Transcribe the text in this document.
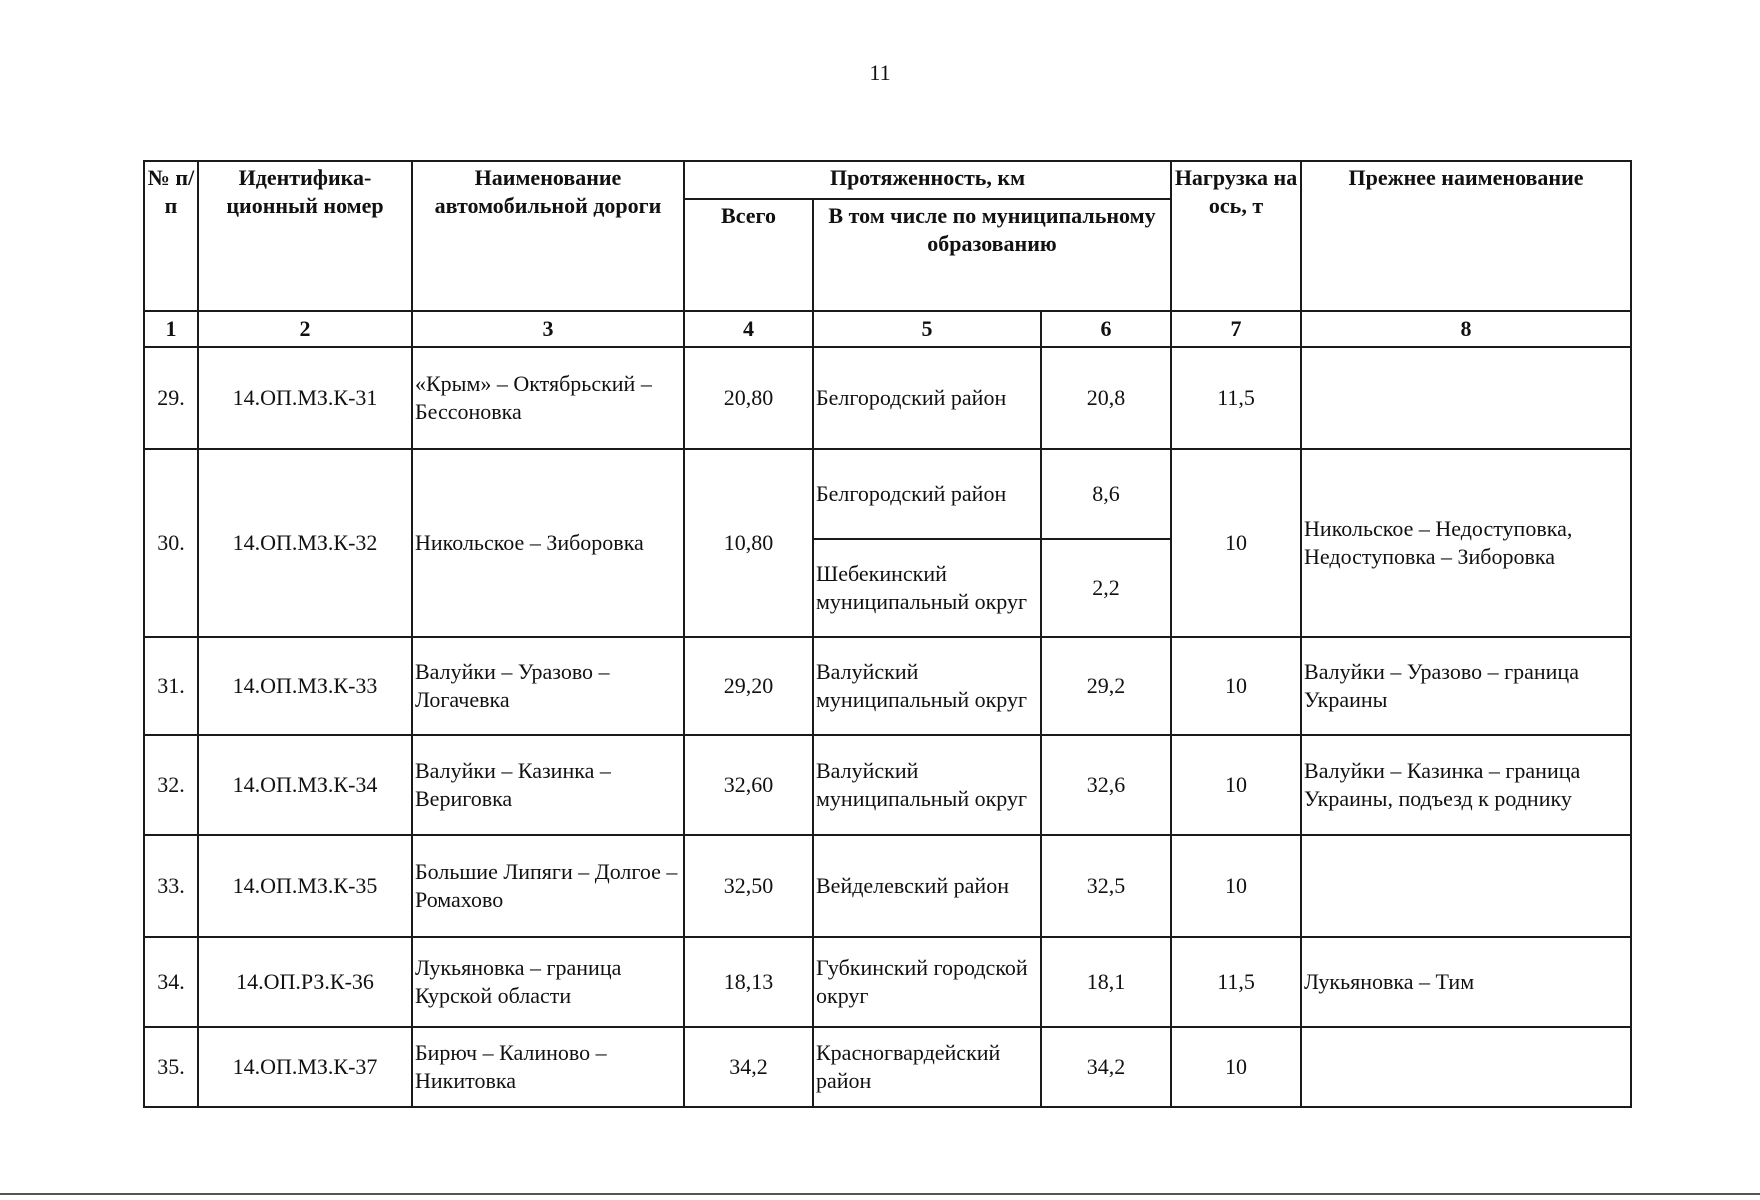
11
№ п/п	Идентифика-ционный номер	Наименование автомобильной дороги	Протяженность, км			Нагрузка на ось, т	Прежнее наименование
			Всего	В том числе по муниципальному образованию			
1	2	3	4	5	6	7	8
29.	14.ОП.МЗ.К-31	«Крым» – Октябрьский – Бессоновка	20,80	Белгородский район	20,8	11,5	
30.	14.ОП.МЗ.К-32	Никольское – Зиборовка	10,80	Белгородский район	8,6	10	Никольское – Недоступовка, Недоступовка – Зиборовка
				Шебекинский муниципальный округ	2,2		
31.	14.ОП.МЗ.К-33	Валуйки – Уразово – Логачевка	29,20	Валуйский муниципальный округ	29,2	10	Валуйки – Уразово – граница Украины
32.	14.ОП.МЗ.К-34	Валуйки – Казинка – Вериговка	32,60	Валуйский муниципальный округ	32,6	10	Валуйки – Казинка – граница Украины, подъезд к роднику
33.	14.ОП.МЗ.К-35	Большие Липяги – Долгое – Ромахово	32,50	Вейделевский район	32,5	10	
34.	14.ОП.РЗ.К-36	Лукьяновка – граница Курской области	18,13	Губкинский городской округ	18,1	11,5	Лукьяновка – Тим
35.	14.ОП.МЗ.К-37	Бирюч – Калиново – Никитовка	34,2	Красногвардейский район	34,2	10	
